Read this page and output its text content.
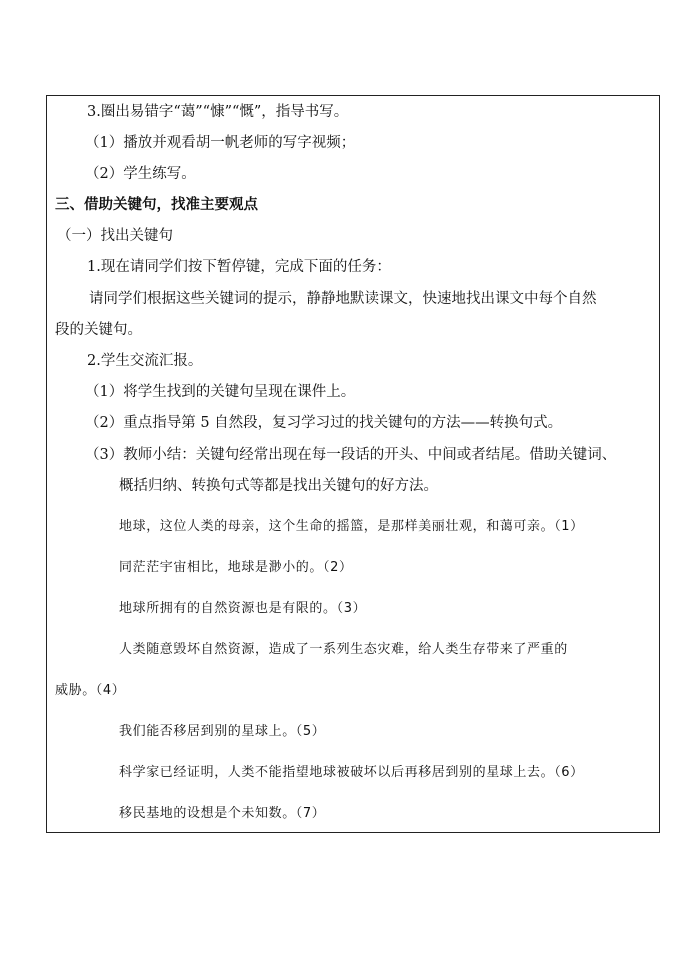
3.圈出易错字“蔼”“慷”“慨”，指导书写。
（1）播放并观看胡一帆老师的写字视频；
（2）学生练写。
三、借助关键句，找准主要观点
（一）找出关键句
1.现在请同学们按下暂停键，完成下面的任务：
请同学们根据这些关键词的提示，静静地默读课文，快速地找出课文中每个自然
段的关键句。
2.学生交流汇报。
（1）将学生找到的关键句呈现在课件上。
（2）重点指导第 5 自然段，复习学习过的找关键句的方法——转换句式。
（3）教师小结：关键句经常出现在每一段话的开头、中间或者结尾。借助关键词、
概括归纳、转换句式等都是找出关键句的好方法。
地球，这位人类的母亲，这个生命的摇篮，是那样美丽壮观，和蔼可亲。（1）
同茫茫宇宙相比，地球是渺小的。（2）
地球所拥有的自然资源也是有限的。（3）
人类随意毁坏自然资源，造成了一系列生态灾难，给人类生存带来了严重的
威胁。（4）
我们能否移居到别的星球上。（5）
科学家已经证明，人类不能指望地球被破坏以后再移居到别的星球上去。（6）
移民基地的设想是个未知数。（7）
